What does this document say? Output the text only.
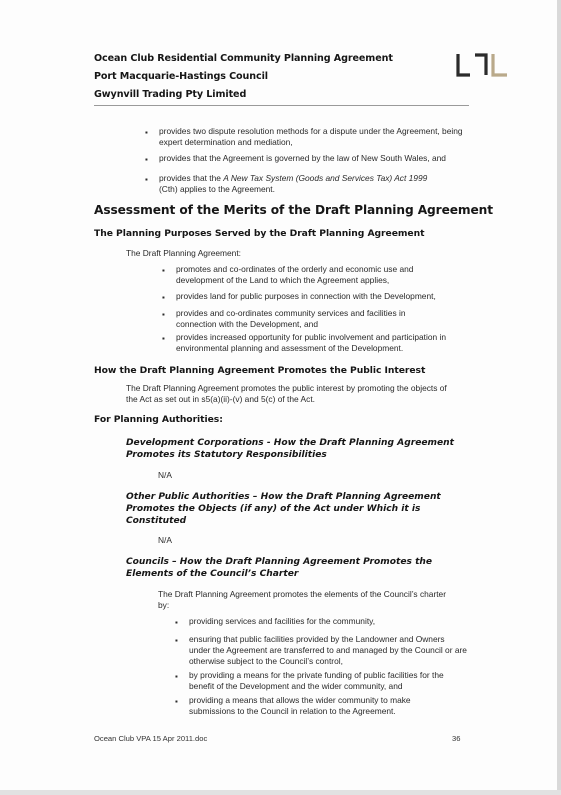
Ocean Club Residential Community Planning Agreement
Port Macquarie-Hastings Council
Gwynvill Trading Pty Limited
▪ provides two dispute resolution methods for a dispute under the Agreement, being expert determination and mediation,
▪ provides that the Agreement is governed by the law of New South Wales, and
▪ provides that the A New Tax System (Goods and Services Tax) Act 1999 (Cth) applies to the Agreement.
Assessment of the Merits of the Draft Planning Agreement
The Planning Purposes Served by the Draft Planning Agreement
The Draft Planning Agreement:
▪ promotes and co-ordinates of the orderly and economic use and development of the Land to which the Agreement applies,
▪ provides land for public purposes in connection with the Development,
▪ provides and co-ordinates community services and facilities in connection with the Development, and
▪ provides increased opportunity for public involvement and participation in environmental planning and assessment of the Development.
How the Draft Planning Agreement Promotes the Public Interest
The Draft Planning Agreement promotes the public interest by promoting the objects of the Act as set out in s5(a)(ii)-(v) and 5(c) of the Act.
For Planning Authorities:
Development Corporations - How the Draft Planning Agreement Promotes its Statutory Responsibilities
N/A
Other Public Authorities – How the Draft Planning Agreement Promotes the Objects (if any) of the Act under Which it is Constituted
N/A
Councils – How the Draft Planning Agreement Promotes the Elements of the Council’s Charter
The Draft Planning Agreement promotes the elements of the Council’s charter by:
▪ providing services and facilities for the community,
▪ ensuring that public facilities provided by the Landowner and Owners under the Agreement are transferred to and managed by the Council or are otherwise subject to the Council’s control,
▪ by providing a means for the private funding of public facilities for the benefit of the Development and the wider community, and
▪ providing a means that allows the wider community to make submissions to the Council in relation to the Agreement.
Ocean Club VPA 15 Apr 2011.doc	36
